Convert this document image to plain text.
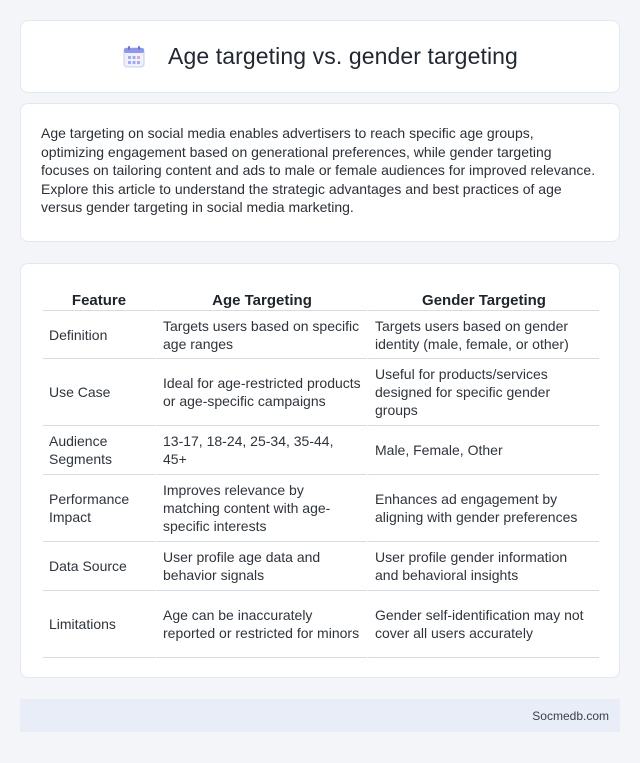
Age targeting vs. gender targeting

Age targeting on social media enables advertisers to reach specific age groups, optimizing engagement based on generational preferences, while gender targeting focuses on tailoring content and ads to male or female audiences for improved relevance. Explore this article to understand the strategic advantages and best practices of age versus gender targeting in social media marketing.

Feature	Age Targeting	Gender Targeting
Definition	Targets users based on specific age ranges	Targets users based on gender identity (male, female, or other)
Use Case	Ideal for age-restricted products or age-specific campaigns	Useful for products/services designed for specific gender groups
Audience Segments	13-17, 18-24, 25-34, 35-44, 45+	Male, Female, Other
Performance Impact	Improves relevance by matching content with age-specific interests	Enhances ad engagement by aligning with gender preferences
Data Source	User profile age data and behavior signals	User profile gender information and behavioral insights
Limitations	Age can be inaccurately reported or restricted for minors	Gender self-identification may not cover all users accurately
Socmedb.com
